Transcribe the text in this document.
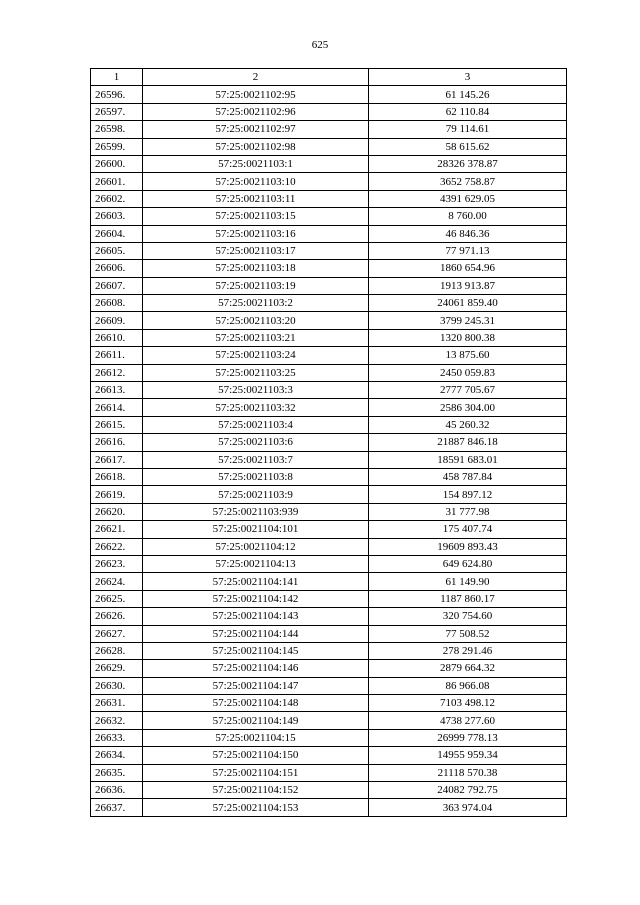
625
1	2	3
26596.	57:25:0021102:95	61 145.26
26597.	57:25:0021102:96	62 110.84
26598.	57:25:0021102:97	79 114.61
26599.	57:25:0021102:98	58 615.62
26600.	57:25:0021103:1	28326 378.87
26601.	57:25:0021103:10	3652 758.87
26602.	57:25:0021103:11	4391 629.05
26603.	57:25:0021103:15	8 760.00
26604.	57:25:0021103:16	46 846.36
26605.	57:25:0021103:17	77 971.13
26606.	57:25:0021103:18	1860 654.96
26607.	57:25:0021103:19	1913 913.87
26608.	57:25:0021103:2	24061 859.40
26609.	57:25:0021103:20	3799 245.31
26610.	57:25:0021103:21	1320 800.38
26611.	57:25:0021103:24	13 875.60
26612.	57:25:0021103:25	2450 059.83
26613.	57:25:0021103:3	2777 705.67
26614.	57:25:0021103:32	2586 304.00
26615.	57:25:0021103:4	45 260.32
26616.	57:25:0021103:6	21887 846.18
26617.	57:25:0021103:7	18591 683.01
26618.	57:25:0021103:8	458 787.84
26619.	57:25:0021103:9	154 897.12
26620.	57:25:0021103:939	31 777.98
26621.	57:25:0021104:101	175 407.74
26622.	57:25:0021104:12	19609 893.43
26623.	57:25:0021104:13	649 624.80
26624.	57:25:0021104:141	61 149.90
26625.	57:25:0021104:142	1187 860.17
26626.	57:25:0021104:143	320 754.60
26627.	57:25:0021104:144	77 508.52
26628.	57:25:0021104:145	278 291.46
26629.	57:25:0021104:146	2879 664.32
26630.	57:25:0021104:147	86 966.08
26631.	57:25:0021104:148	7103 498.12
26632.	57:25:0021104:149	4738 277.60
26633.	57:25:0021104:15	26999 778.13
26634.	57:25:0021104:150	14955 959.34
26635.	57:25:0021104:151	21118 570.38
26636.	57:25:0021104:152	24082 792.75
26637.	57:25:0021104:153	363 974.04
